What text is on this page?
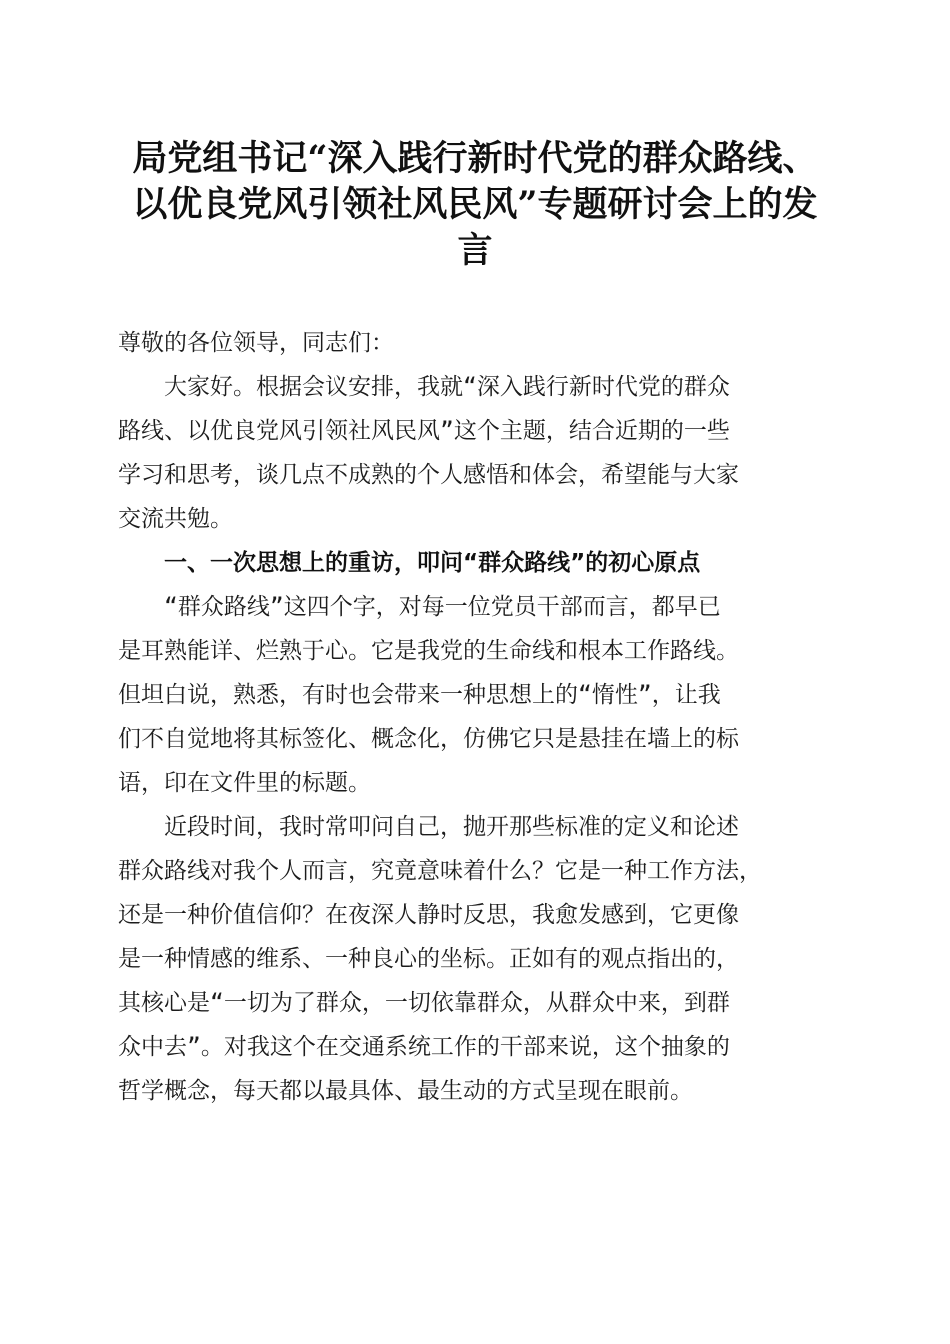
局党组书记“深入践行新时代党的群众路线、
以优良党风引领社风民风”专题研讨会上的发
言

尊敬的各位领导，同志们：

大家好。根据会议安排，我就“深入践行新时代党的群众
路线、以优良党风引领社风民风”这个主题，结合近期的一些
学习和思考，谈几点不成熟的个人感悟和体会，希望能与大家
交流共勉。

一、一次思想上的重访，叩问“群众路线”的初心原点

“群众路线”这四个字，对每一位党员干部而言，都早已
是耳熟能详、烂熟于心。它是我党的生命线和根本工作路线。
但坦白说，熟悉，有时也会带来一种思想上的“惰性”，让我
们不自觉地将其标签化、概念化，仿佛它只是悬挂在墙上的标
语，印在文件里的标题。

近段时间，我时常叩问自己，抛开那些标准的定义和论述
群众路线对我个人而言，究竟意味着什么？它是一种工作方法，
还是一种价值信仰？在夜深人静时反思，我愈发感到，它更像
是一种情感的维系、一种良心的坐标。正如有的观点指出的，
其核心是“一切为了群众，一切依靠群众，从群众中来，到群
众中去”。对我这个在交通系统工作的干部来说，这个抽象的
哲学概念，每天都以最具体、最生动的方式呈现在眼前。
